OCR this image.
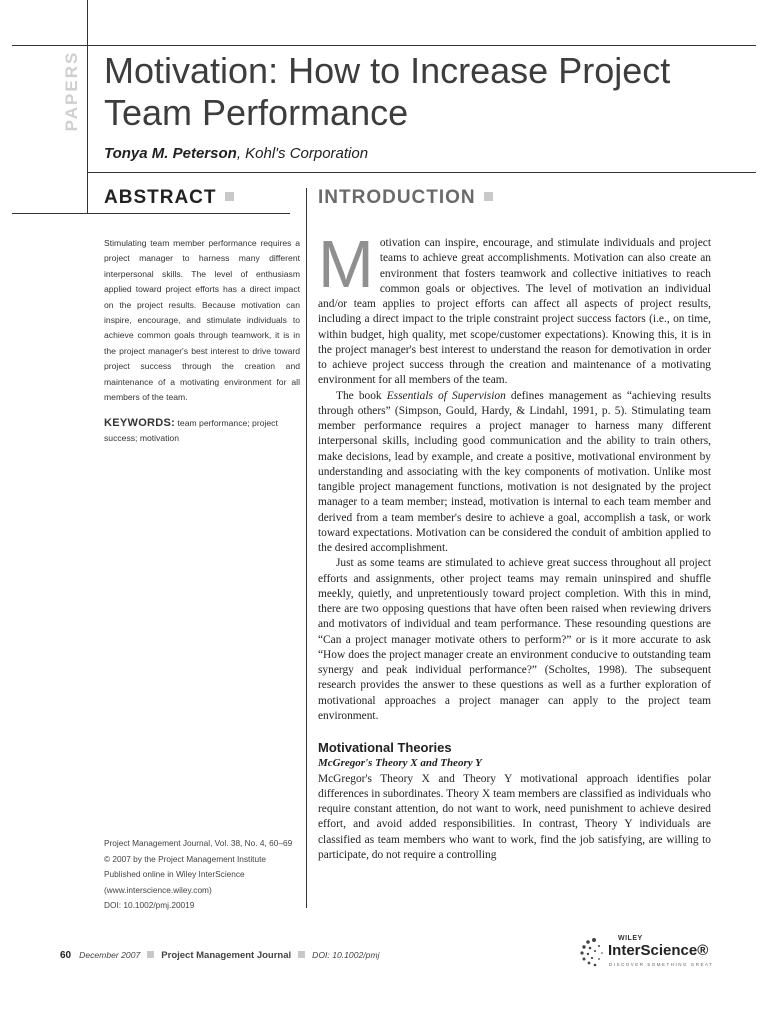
PAPERS Motivation: How to Increase Project Team Performance
Tonya M. Peterson, Kohl's Corporation
ABSTRACT	INTRODUCTION
Stimulating team member performance requires a project manager to harness many different interpersonal skills. The level of enthusiasm applied toward project efforts has a direct impact on the project results. Because motivation can inspire, encourage, and stimulate individuals to achieve common goals through teamwork, it is in the project manager's best interest to drive toward project success through the creation and maintenance of a motivating environment for all members of the team.
KEYWORDS: team performance; project success; motivation
Project Management Journal, Vol. 38, No. 4, 60–69
© 2007 by the Project Management Institute
Published online in Wiley InterScience
(www.interscience.wiley.com)
DOI: 10.1002/pmj.20019

Motivation can inspire, encourage, and stimulate individuals and project teams to achieve great accomplishments. Motivation can also create an environment that fosters teamwork and collective initiatives to reach common goals or objectives. The level of motivation an individual and/or team applies to project efforts can affect all aspects of project results, including a direct impact to the triple constraint project success factors (i.e., on time, within budget, high quality, met scope/customer expectations). Knowing this, it is in the project manager's best interest to understand the reason for demotivation in order to achieve project success through the creation and maintenance of a motivating environment for all members of the team.

The book Essentials of Supervision defines management as “achieving results through others” (Simpson, Gould, Hardy, & Lindahl, 1991, p. 5). Stimulating team member performance requires a project manager to harness many different interpersonal skills, including good communication and the ability to train others, make decisions, lead by example, and create a positive, motivational environment by understanding and associating with the key components of motivation. Unlike most tangible project management functions, motivation is not designated by the project manager to a team member; instead, motivation is internal to each team member and derived from a team member's desire to achieve a goal, accomplish a task, or work toward expectations. Motivation can be considered the conduit of ambition applied to the desired accomplishment.

Just as some teams are stimulated to achieve great success throughout all project efforts and assignments, other project teams may remain uninspired and shuffle meekly, quietly, and unpretentiously toward project completion. With this in mind, there are two opposing questions that have often been raised when reviewing drivers and motivators of individual and team performance. These resounding questions are “Can a project manager motivate others to perform?” or is it more accurate to ask “How does the project manager create an environment conducive to outstanding team synergy and peak individual performance?” (Scholtes, 1998). The subsequent research provides the answer to these questions as well as a further exploration of motivational approaches a project manager can apply to the project team environment.

Motivational Theories
McGregor's Theory X and Theory Y

McGregor's Theory X and Theory Y motivational approach identifies polar differences in subordinates. Theory X team members are classified as individuals who require constant attention, do not want to work, need punishment to achieve desired effort, and avoid added responsibilities. In contrast, Theory Y individuals are classified as team members who want to work, find the job satisfying, are willing to participate, do not require a controlling

60 December 2007 Project Management Journal DOI: 10.1002/pmj
WILEY
InterScience®
DISCOVER SOMETHING GREAT
